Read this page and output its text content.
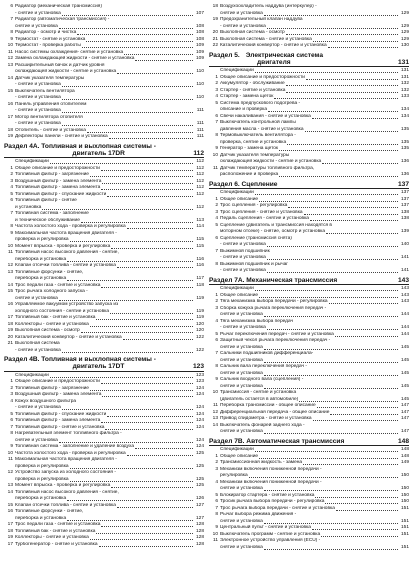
6 Радиатор (механическая трансмиссия)
- снятие и установка	107
7 Радиатор (автоматическая трансмиссия) -
снятие и установка	108
8 Радиатор - осмотр и чистка	108
9 Термостат - снятие и установка	108
10 Термостат - проверка работы	109
11 Насос системы охлаждения- снятие и установка	109
12 Замена охлаждающей жидкости - снятие и установка	109
13 Расширительный бачок и датчик уровня
охлаждающей жидкости - снятие и установка	110
14 Датчик указателя температуры
- снятие и установка	110
15 Выключатель вентилятора
- снятие и установка	110
16 Панель управления отопителем
- снятие и установка	111
17 Мотор вентилятора отопителя
- снятие и установка	111
18 Отопитель - снятие и установка	111
19 Дефлекторы панели - снятие и установка	111
Раздел 4А. Топливная и выхлопная системы -
двигатель 17DR	112
Спецификации	112
1 Общее описание и предосторожности	112
2 Топливный фильтр - загрязнение	112
3 Воздушный фильтр - замена элемента	112
4 Топливный фильтр - замена элемента	112
5 Топливный фильтр - спускание жидкости	112
6 Топливный фильтр - снятие
и установка	112
7 Топливная система - заполнение
и техническое обслуживание	113
8 Частота холостого хода - проверка и регулировка	114
9 Максимальная частота вращения двигателя -
проверка и регулировка	115
10 Момент впрыска - проверка и регулировка	115
11 Топливный насос высокого давления - снятие,
переборка и установка	116
12 Клапан отсечки топлива - снятие и установка	116
13 Топливные форсунки - снятие,
переборка и установка	117
14 Трос педали газа - снятие и установка	118
15 Трос рычага холодного запуска -
снятие и установка	119
16 Управляемое вакуумом устройство запуска из
холодного состояния - снятие и установка	119
17 Топливный бак - снятие и установка	119
18 Коллекторы - снятие и установка	120
19 Выхлопная система - осмотр	120
20 Каталитический конвертор - снятие и установка	122
21 Выхлопная система
- снятие и установка	122
Раздел 4В. Топливная и выхлопная системы -
двигатель 17DT	123
Спецификации	123
1 Общее описание и предосторожности	123
2 Топливный фильтр - загрязнение	124
3 Воздушный фильтр - замена элемента	124
4 Кожух воздушного фильтра
- снятие и установка	124
5 Топливный фильтр - спускание жидкости	124
6 Топливный фильтр - замена элемента	124
7 Топливный фильтр - снятие и установка	124
8 Нагревательный элемент топливного фильтра -
снятие и установка	124
9 Топливная система - заполнение и удаление воздуха	124
10 Частота холостого хода - проверка и регулировка	125
11 Максимальная частота вращения двигателя -
проверка и регулировка	125
12 Устройство запуска из холодного состояния -
проверка и регулировка	125
13 Момент впрыска - проверка и регулировка	125
14 Топливный насос высокого давления - снятие,
переборка и установка	126
15 Клапан отсечки топлива - снятие и установка	127
16 Топливные форсунки - снятие,
переборка и установка	127
17 Трос педали газа - снятие и установка	128
18 Топливный бак - снятие и установка	128
19 Коллекторы - снятие и установка	128
17 Турбогенератор - снятие и установка	128
18 Воздухоохладитель наддува (интеркулер) -
снятие и установка	129
19 Предохранительный клапан наддува
- снятие и установка	129
20 Выхлопная система - осмотр	129
21 Выхлопная система - снятие и установка	129
22 Каталитический конвертор - снятие и установка	130
Раздел 5. Электрическая система
двигателя	131
Спецификации	131
1 Общее описание и предосторожности	131
2 Аккумулятор - обслуживание	132
3 Стартер - снятие и установка	132
4 Стартер - замена щеток	133
5 Система предпускового подогрева -
описание и проверка	134
6 Свечи накаливания - снятие и установка	134
7 Выключатель контрольной лампы
давления масла - снятие и установка	135
8 Термовыключатель вентилятора -
проверка, снятие и установка	135
9 Генератор - замена щеток	135
10 Датчик указателя температуры
охлаждающей жидкости - снятие и установка	136
11 Датчик температуры топливного фильтра,
расположение и проверка	136
Раздел 6. Сцепление	137
Спецификации	137
1 Общее описание	137
2 Трос сцепления - регулировка	137
3 Трос сцепления - снятие и установка	138
4 Педаль сцепления - снятие и установка	138
5 Сцепление (двигатель и трансмиссия находятся в
моторном отсеке) - снятие, осмотр и установка	139
6 Сцепление (трансмиссия снята)
- снятие и установка	140
7 Выжимной подшипник
- снятие и установка	141
8 Выжимной подшипник и рычаг
- снятие и установка	141
Раздел 7А. Механическая трансмиссия	143
Спецификации	143
1 Общее описание	143
2 Тяга механизма выбора передачи - регулировка	143
3 Сборка кожуха рычага переключения передач -
снятие и установка	144
4 Тяга механизма выбора передач
- снятие и установка	144
5 Рычаг переключения передач - снятие и установка	144
6 Защитный чехол рычага переключения передач -
снятие и установка	145
7 Сальники подшипников дифференциала-
снятие и установка	145
8 Сальник вала переключения передач -
снятие и установка	145
9 Сальник входного вала (сцепления) -
снятие и установка	145
10 Трансмиссия - снятие и установка
(двигатель остается в автомобиле)	145
11 Переборка трансмиссии - общее описание	147
12 Дифференциальная передача - общее описание	147
13 Привод спидометра - снятие и установка	147
14 Выключатель фонарей заднего хода -
снятие и установка	147
Раздел 7В. Автоматическая трансмиссия	148
Спецификации	148
1 Общее описание	148
2 Трансмиссионная жидкость - замена	149
3 Механизм включения пониженной передачи -
регулировка	150
4 Механизм включения пониженной передачи -
снятие и установка	150
5 Блокиратор стартера - снятие и установка	150
6 Тросик рычага выбора передачи - регулировка	150
7 Трос рычага выбора передачи - снятие и установка	151
8 Рычаг выбора режима движения -
снятие и установка	151
9 Центральный пульт - снятие и установка	151
10 Выключатель программ - снятие и установка	151
11 Электронное устройство управления (ECU) -
снятие и установка	151
